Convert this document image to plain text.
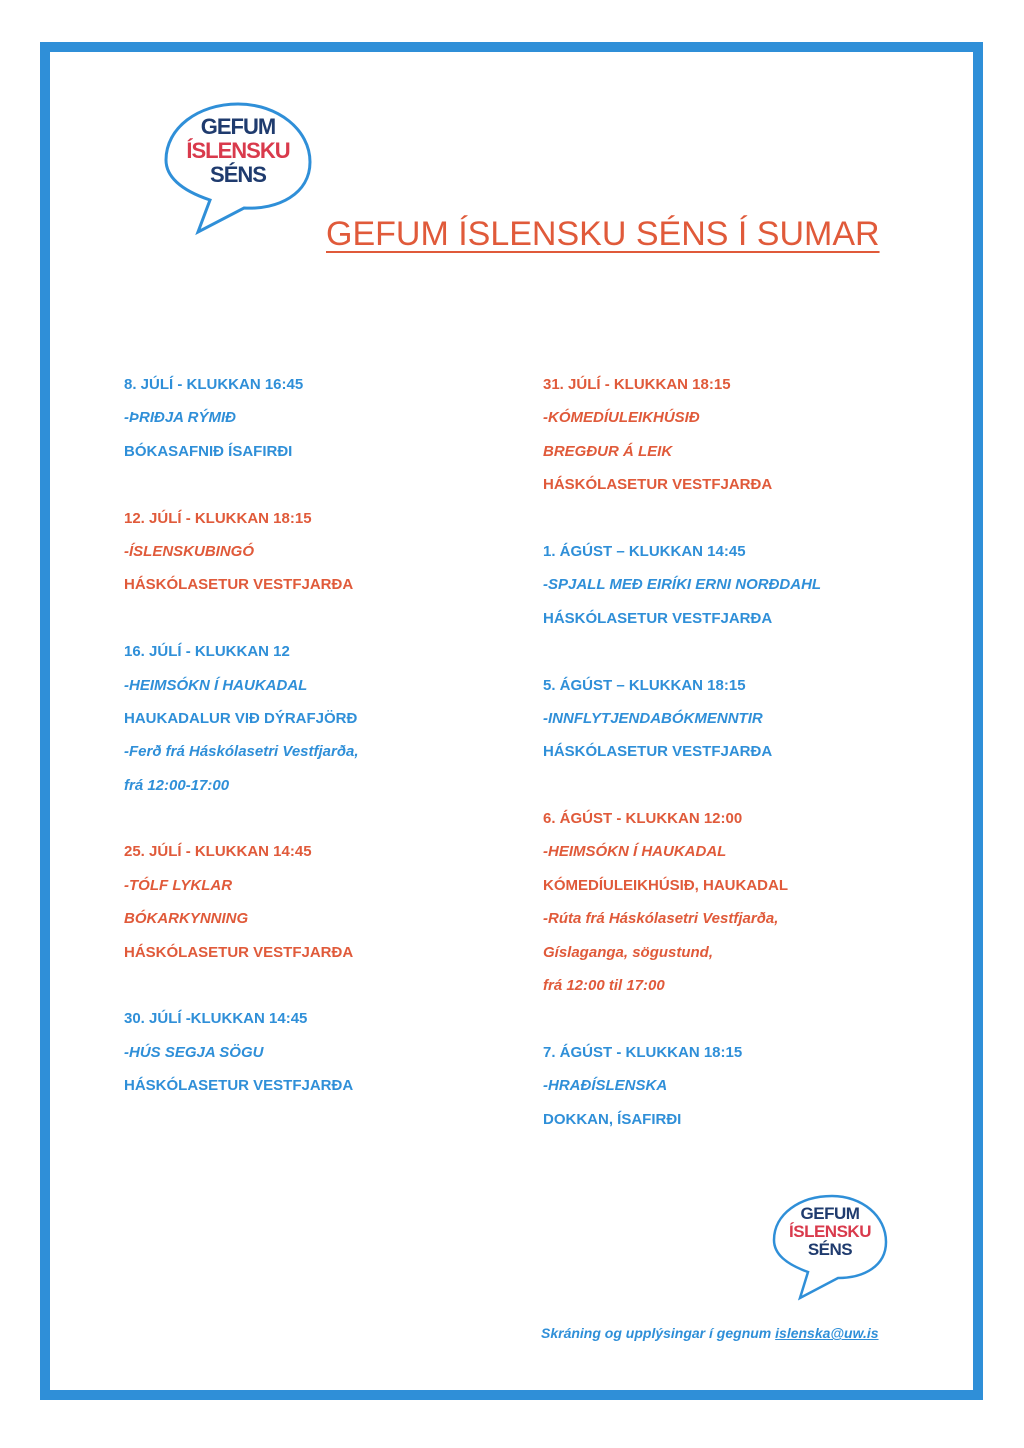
GEFUM
ÍSLENSKU
SÉNS
GEFUM ÍSLENSKU SÉNS Í SUMAR
8. JÚLÍ - KLUKKAN 16:45
-ÞRIÐJA RÝMIÐ
BÓKASAFNIÐ ÍSAFIRÐI
12. JÚLÍ - KLUKKAN 18:15
-ÍSLENSKUBINGÓ
HÁSKÓLASETUR VESTFJARÐA
16. JÚLÍ - KLUKKAN 12
-HEIMSÓKN Í HAUKADAL
HAUKADALUR VIÐ DÝRAFJÖRÐ
-Ferð frá Háskólasetri Vestfjarða,
frá 12:00-17:00
25. JÚLÍ - KLUKKAN 14:45
-TÓLF LYKLAR
BÓKARKYNNING
HÁSKÓLASETUR VESTFJARÐA
30. JÚLÍ -KLUKKAN 14:45
-HÚS SEGJA SÖGU
HÁSKÓLASETUR VESTFJARÐA
31. JÚLÍ - KLUKKAN 18:15
-KÓMEDÍULEIKHÚSIÐ
BREGÐUR Á LEIK
HÁSKÓLASETUR VESTFJARÐA
1. ÁGÚST – KLUKKAN 14:45
-SPJALL MEÐ EIRÍKI ERNI NORÐDAHL
HÁSKÓLASETUR VESTFJARÐA
5. ÁGÚST – KLUKKAN 18:15
-INNFLYTJENDABÓKMENNTIR
HÁSKÓLASETUR VESTFJARÐA
6. ÁGÚST - KLUKKAN 12:00
-HEIMSÓKN Í HAUKADAL
KÓMEDÍULEIKHÚSIÐ, HAUKADAL
-Rúta frá Háskólasetri Vestfjarða,
Gíslaganga, sögustund,
frá 12:00 til 17:00
7. ÁGÚST - KLUKKAN 18:15
-HRAÐÍSLENSKA
DOKKAN, ÍSAFIRÐI
GEFUM
ÍSLENSKU
SÉNS
Skráning og upplýsingar í gegnum islenska@uw.is
